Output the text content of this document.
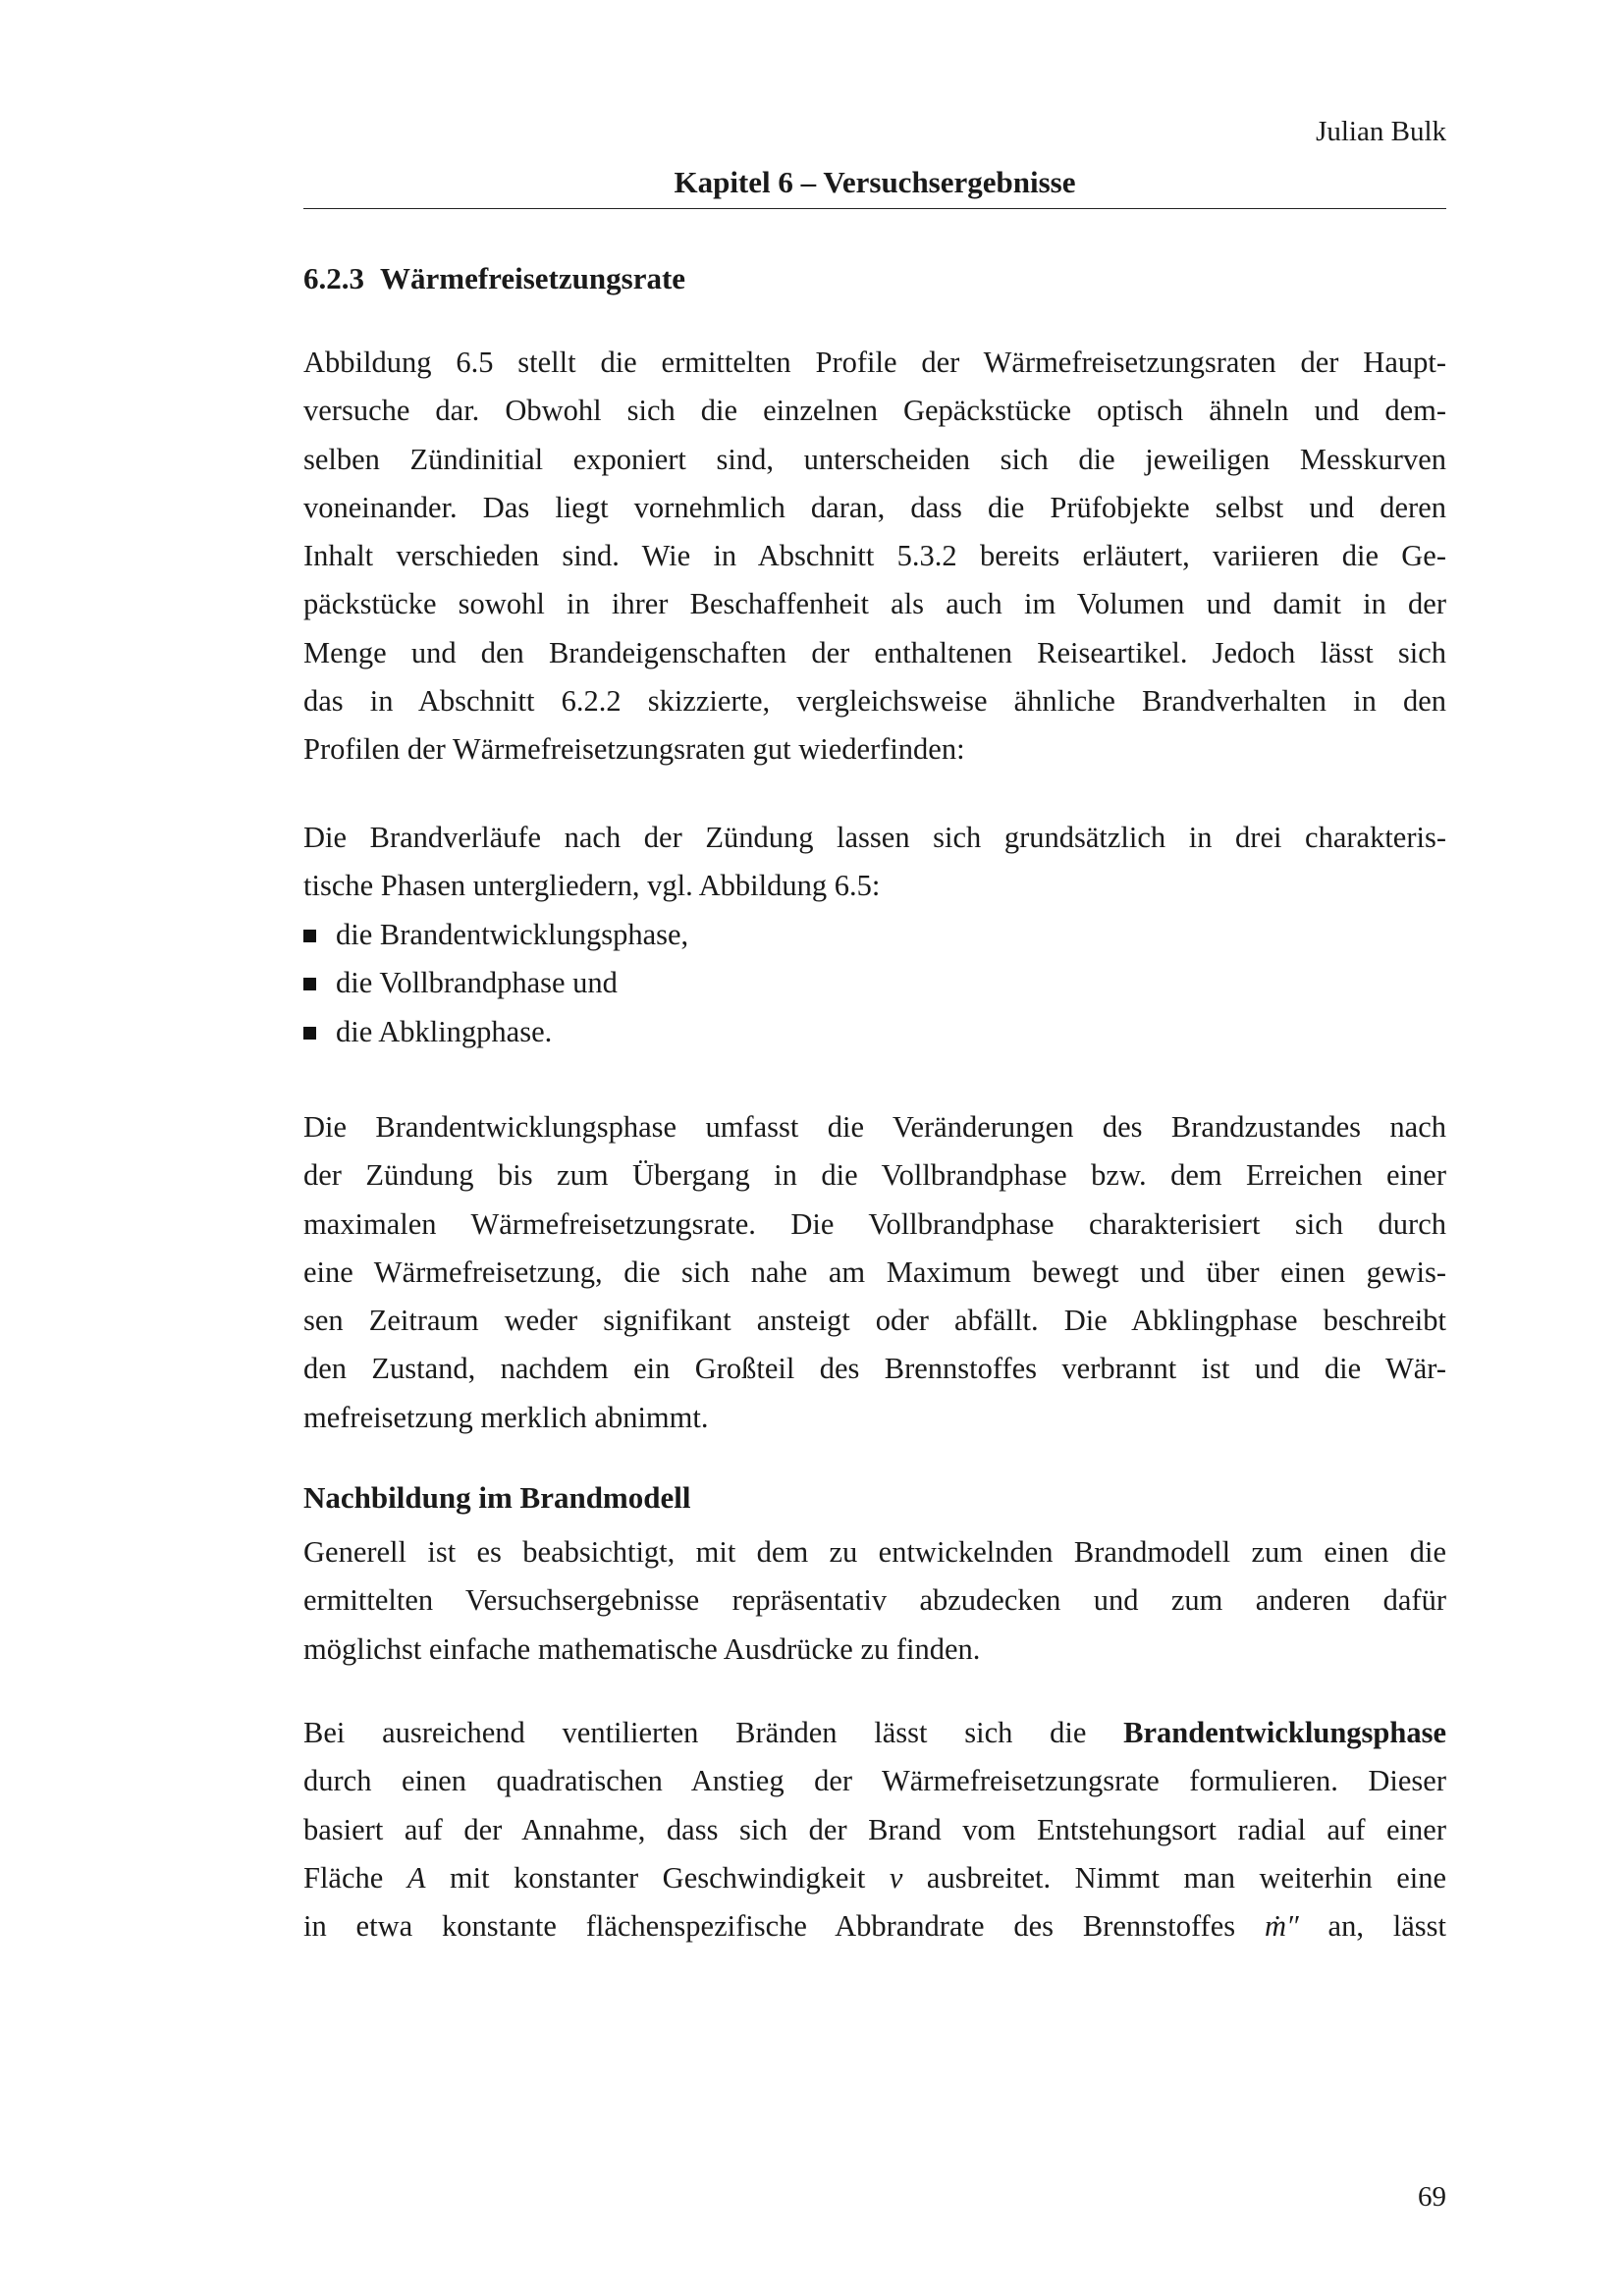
Julian Bulk
Kapitel 6 – Versuchsergebnisse
6.2.3 Wärmefreisetzungsrate
Abbildung 6.5 stellt die ermittelten Profile der Wärmefreisetzungsraten der Haupt-
versuche dar. Obwohl sich die einzelnen Gepäckstücke optisch ähneln und dem-
selben Zündinitial exponiert sind, unterscheiden sich die jeweiligen Messkurven
voneinander. Das liegt vornehmlich daran, dass die Prüfobjekte selbst und deren
Inhalt verschieden sind. Wie in Abschnitt 5.3.2 bereits erläutert, variieren die Ge-
päckstücke sowohl in ihrer Beschaffenheit als auch im Volumen und damit in der
Menge und den Brandeigenschaften der enthaltenen Reiseartikel. Jedoch lässt sich
das in Abschnitt 6.2.2 skizzierte, vergleichsweise ähnliche Brandverhalten in den
Profilen der Wärmefreisetzungsraten gut wiederfinden:
Die Brandverläufe nach der Zündung lassen sich grundsätzlich in drei charakteris-
tische Phasen untergliedern, vgl. Abbildung 6.5:
die Brandentwicklungsphase,
die Vollbrandphase und
die Abklingphase.
Die Brandentwicklungsphase umfasst die Veränderungen des Brandzustandes nach
der Zündung bis zum Übergang in die Vollbrandphase bzw. dem Erreichen einer
maximalen Wärmefreisetzungsrate. Die Vollbrandphase charakterisiert sich durch
eine Wärmefreisetzung, die sich nahe am Maximum bewegt und über einen gewis-
sen Zeitraum weder signifikant ansteigt oder abfällt. Die Abklingphase beschreibt
den Zustand, nachdem ein Großteil des Brennstoffes verbrannt ist und die Wär-
mefreisetzung merklich abnimmt.
Nachbildung im Brandmodell
Generell ist es beabsichtigt, mit dem zu entwickelnden Brandmodell zum einen die
ermittelten Versuchsergebnisse repräsentativ abzudecken und zum anderen dafür
möglichst einfache mathematische Ausdrücke zu finden.
Bei ausreichend ventilierten Bränden lässt sich die Brandentwicklungsphase
durch einen quadratischen Anstieg der Wärmefreisetzungsrate formulieren. Dieser
basiert auf der Annahme, dass sich der Brand vom Entstehungsort radial auf einer
Fläche A mit konstanter Geschwindigkeit v ausbreitet. Nimmt man weiterhin eine
in etwa konstante flächenspezifische Abbrandrate des Brennstoffes ṁ″ an, lässt
69
